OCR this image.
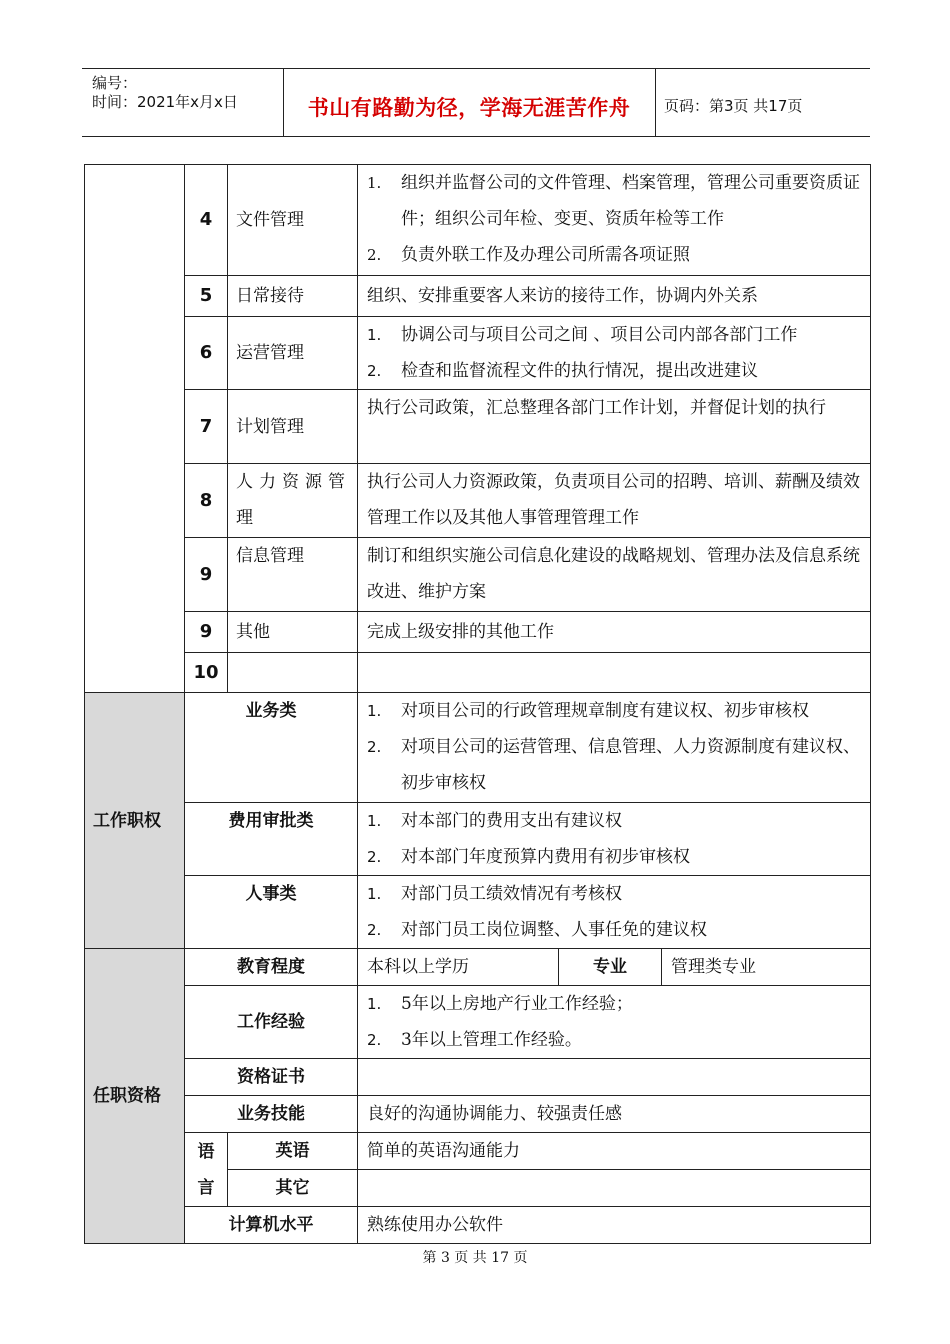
编号：
时间：2021年x月x日	书山有路勤为径，学海无涯苦作舟	页码：第3页 共17页
	4	文件管理	1. 组织并监督公司的文件管理、档案管理，管理公司重要资质证件；组织公司年检、变更、资质年检等工作
2. 负责外联工作及办理公司所需各项证照		

	5	日常接待	组织、安排重要客人来访的接待工作，协调内外关系		
	6	运营管理	1. 协调公司与项目公司之间 、项目公司内部各部门工作
2. 检查和监督流程文件的执行情况，提出改进建议		

	7	计划管理	执行公司政策，汇总整理各部门工作计划，并督促计划的执行		
	8	人力资源管理	执行公司人力资源政策，负责项目公司的招聘、培训、薪酬及绩效管理工作以及其他人事管理管理工作		
	9	信息管理	制订和组织实施公司信息化建设的战略规划、管理办法及信息系统改进、维护方案		
	9	其他	完成上级安排的其他工作		
	10				
工作职权	业务类		1. 对项目公司的行政管理规章制度有建议权、初步审核权
2. 对项目公司的运营管理、信息管理、人力资源制度有建议权、初步审核权		

	费用审批类		1. 对本部门的费用支出有建议权
2. 对本部门年度预算内费用有初步审核权		

	人事类		1. 对部门员工绩效情况有考核权
2. 对部门员工岗位调整、人事任免的建议权		

任职资格	教育程度		本科以上学历	专业	管理类专业
	工作经验		1. 5年以上房地产行业工作经验；
2. 3年以上管理工作经验。		

	资格证书				
	业务技能		良好的沟通协调能力、较强责任感		
	语　言	英语	简单的英语沟通能力		
		其它			
	计算机水平		熟练使用办公软件		
第 3 页 共 17 页
